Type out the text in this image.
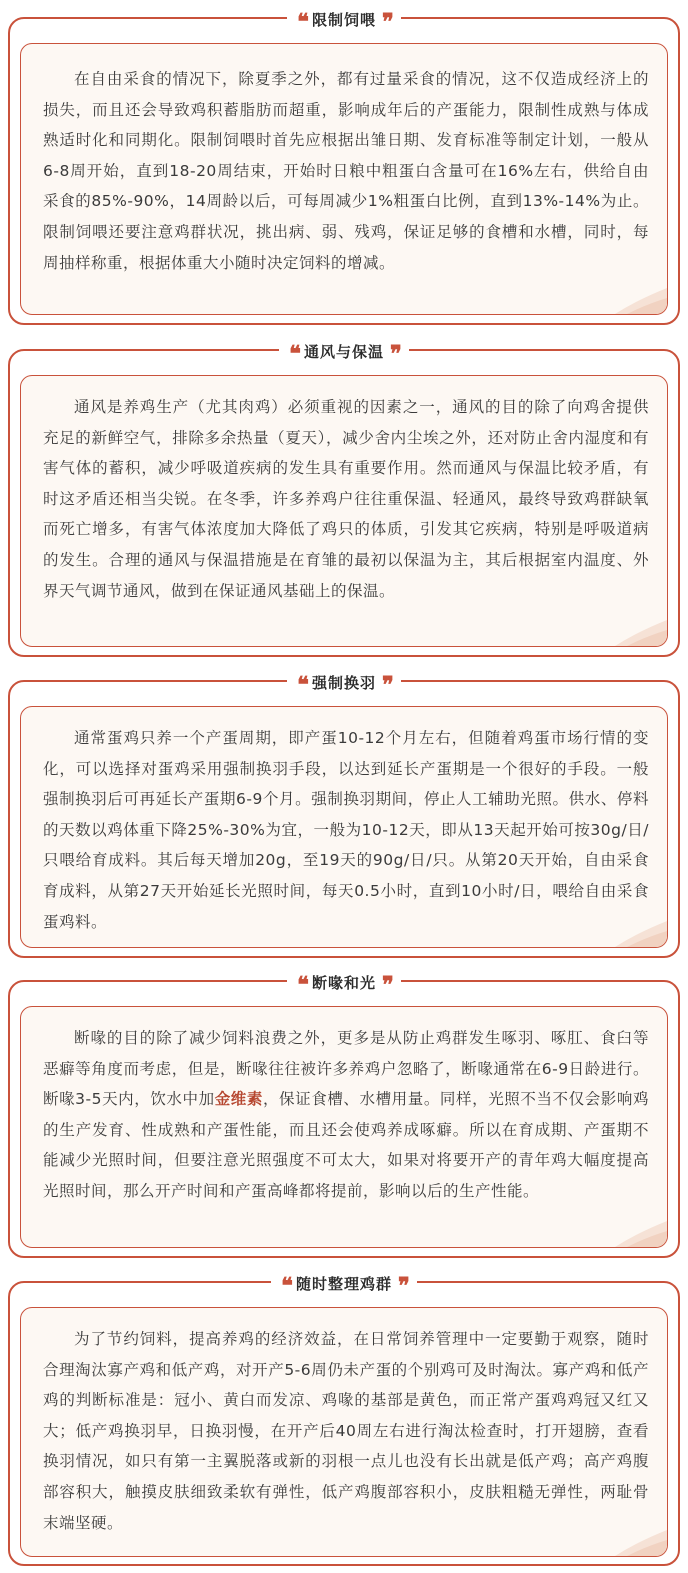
❝ 限制饲喂 ❞

在自由采食的情况下，除夏季之外，都有过量采食的情况，这不仅造成经济上的损失，而且还会导致鸡积蓄脂肪而超重，影响成年后的产蛋能力，限制性成熟与体成熟适时化和同期化。限制饲喂时首先应根据出雏日期、发育标准等制定计划，一般从6-8周开始，直到18-20周结束，开始时日粮中粗蛋白含量可在16%左右，供给自由采食的85%-90%，14周龄以后，可每周减少1%粗蛋白比例，直到13%-14%为止。限制饲喂还要注意鸡群状况，挑出病、弱、残鸡，保证足够的食槽和水槽，同时，每周抽样称重，根据体重大小随时决定饲料的增减。

❝ 通风与保温 ❞

通风是养鸡生产（尤其肉鸡）必须重视的因素之一，通风的目的除了向鸡舍提供充足的新鲜空气，排除多余热量（夏天），减少舍内尘埃之外，还对防止舍内湿度和有害气体的蓄积，减少呼吸道疾病的发生具有重要作用。然而通风与保温比较矛盾，有时这矛盾还相当尖锐。在冬季，许多养鸡户往往重保温、轻通风，最终导致鸡群缺氧而死亡增多，有害气体浓度加大降低了鸡只的体质，引发其它疾病，特别是呼吸道病的发生。合理的通风与保温措施是在育雏的最初以保温为主，其后根据室内温度、外界天气调节通风，做到在保证通风基础上的保温。

❝ 强制换羽 ❞

通常蛋鸡只养一个产蛋周期，即产蛋10-12个月左右，但随着鸡蛋市场行情的变化，可以选择对蛋鸡采用强制换羽手段，以达到延长产蛋期是一个很好的手段。一般强制换羽后可再延长产蛋期6-9个月。强制换羽期间，停止人工辅助光照。供水、停料的天数以鸡体重下降25%-30%为宜，一般为10-12天，即从13天起开始可按30g/日/只喂给育成料。其后每天增加20g，至19天的90g/日/只。从第20天开始，自由采食育成料，从第27天开始延长光照时间，每天0.5小时，直到10小时/日，喂给自由采食蛋鸡料。

❝ 断喙和光 ❞

断喙的目的除了减少饲料浪费之外，更多是从防止鸡群发生啄羽、啄肛、食臼等恶癖等角度而考虑，但是，断喙往往被许多养鸡户忽略了，断喙通常在6-9日龄进行。断喙3-5天内，饮水中加金维素，保证食槽、水槽用量。同样，光照不当不仅会影响鸡的生产发育、性成熟和产蛋性能，而且还会使鸡养成啄癖。所以在育成期、产蛋期不能减少光照时间，但要注意光照强度不可太大，如果对将要开产的青年鸡大幅度提高光照时间，那么开产时间和产蛋高峰都将提前，影响以后的生产性能。

❝ 随时整理鸡群 ❞

为了节约饲料，提高养鸡的经济效益，在日常饲养管理中一定要勤于观察，随时合理淘汰寡产鸡和低产鸡，对开产5-6周仍未产蛋的个别鸡可及时淘汰。寡产鸡和低产鸡的判断标准是：冠小、黄白而发凉、鸡喙的基部是黄色，而正常产蛋鸡鸡冠又红又大；低产鸡换羽早，日换羽慢，在开产后40周左右进行淘汰检查时，打开翅膀，查看换羽情况，如只有第一主翼脱落或新的羽根一点儿也没有长出就是低产鸡；高产鸡腹部容积大，触摸皮肤细致柔软有弹性，低产鸡腹部容积小，皮肤粗糙无弹性，两耻骨末端坚硬。
